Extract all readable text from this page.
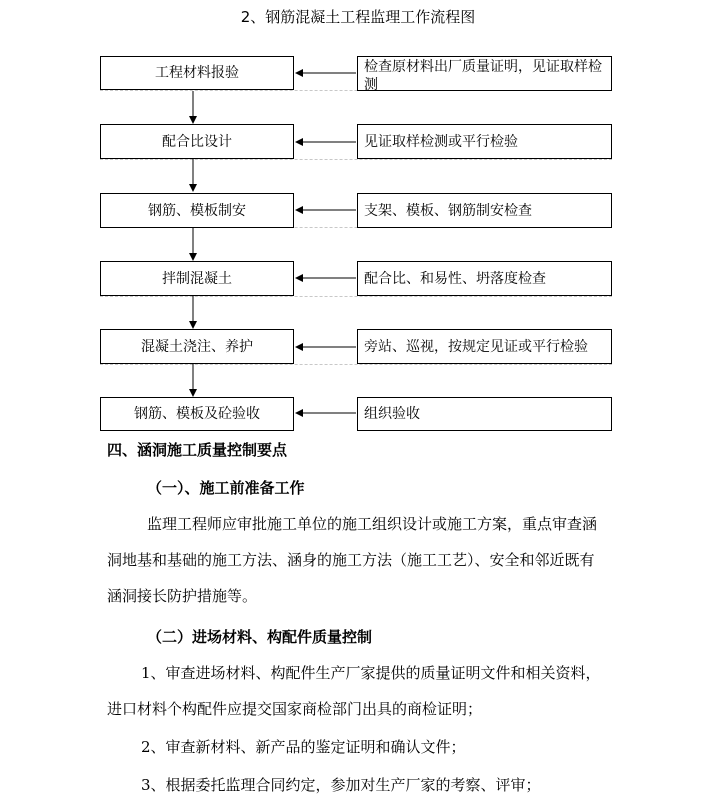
2、钢筋混凝土工程监理工作流程图
工程材料报验	检查原材料出厂质量证明，见证取样检测
配合比设计	见证取样检测或平行检验
钢筋、模板制安	支架、模板、钢筋制安检查
拌制混凝土	配合比、和易性、坍落度检查
混凝土浇注、养护	旁站、巡视，按规定见证或平行检验
钢筋、模板及砼验收	组织验收
四、涵洞施工质量控制要点
（一）、施工前准备工作
监理工程师应审批施工单位的施工组织设计或施工方案，重点审查涵洞地基和基础的施工方法、涵身的施工方法（施工工艺）、安全和邻近既有涵洞接长防护措施等。
（二）进场材料、构配件质量控制
1、审查进场材料、构配件生产厂家提供的质量证明文件和相关资料，进口材料个构配件应提交国家商检部门出具的商检证明；
2、审查新材料、新产品的鉴定证明和确认文件；
3、根据委托监理合同约定，参加对生产厂家的考察、评审；
